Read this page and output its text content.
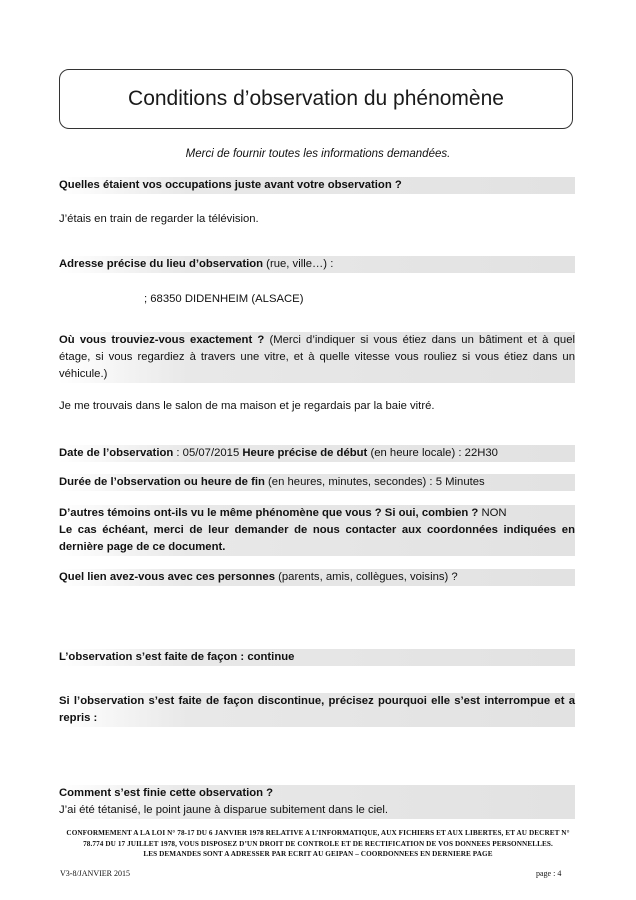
Conditions d’observation du phénomène
Merci de fournir toutes les informations demandées.
Quelles étaient vos occupations juste avant votre observation ?
J’étais en train de regarder la télévision.
Adresse précise du lieu d’observation (rue, ville…) :
; 68350 DIDENHEIM (ALSACE)
Où vous trouviez-vous exactement ? (Merci d’indiquer si vous étiez dans un bâtiment et à quel étage, si vous regardiez à travers une vitre, et à quelle vitesse vous rouliez si vous étiez dans un véhicule.)
Je me trouvais dans le salon de ma maison et je regardais par la baie vitré.
Date de l’observation : 05/07/2015 Heure précise de début (en heure locale) : 22H30
Durée de l’observation ou heure de fin (en heures, minutes, secondes) : 5 Minutes
D’autres témoins ont-ils vu le même phénomène que vous ? Si oui, combien ? NON
Le cas échéant, merci de leur demander de nous contacter aux coordonnées indiquées en dernière page de ce document.
Quel lien avez-vous avec ces personnes (parents, amis, collègues, voisins) ?
L’observation s’est faite de façon : continue
Si l’observation s’est faite de façon discontinue, précisez pourquoi elle s’est interrompue et a repris :
Comment s’est finie cette observation ?
J’ai été tétanisé, le point jaune à disparue subitement dans le ciel.
CONFORMEMENT A LA LOI N° 78-17 DU 6 JANVIER 1978 RELATIVE A L’INFORMATIQUE, AUX FICHIERS ET AUX LIBERTES, ET AU DECRET N° 78.774 DU 17 JUILLET 1978, VOUS DISPOSEZ D’UN DROIT DE CONTROLE ET DE RECTIFICATION DE VOS DONNEES PERSONNELLES.
LES DEMANDES SONT A ADRESSER PAR ECRIT AU GEIPAN – COORDONNEES EN DERNIERE PAGE
V3-8/JANVIER 2015	page : 4
